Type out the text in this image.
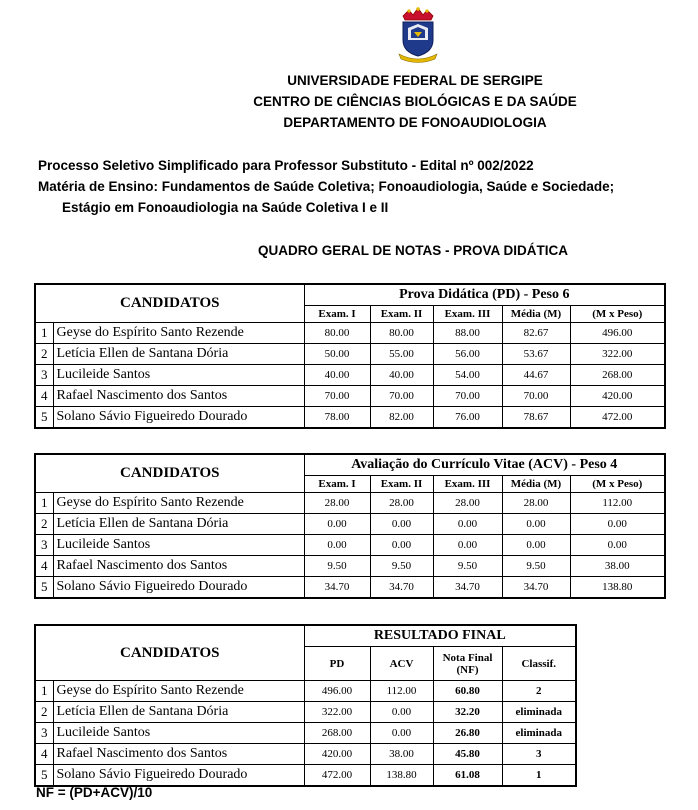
UNIVERSIDADE FEDERAL DE SERGIPE
CENTRO DE CIÊNCIAS BIOLÓGICAS E DA SAÚDE
DEPARTAMENTO DE FONOAUDIOLOGIA
Processo Seletivo Simplificado para Professor Substituto - Edital nº 002/2022
Matéria de Ensino: Fundamentos de Saúde Coletiva; Fonoaudiologia, Saúde e Sociedade;
Estágio em Fonoaudiologia na Saúde Coletiva I e II
QUADRO GERAL DE NOTAS - PROVA DIDÁTICA
CANDIDATOS		Prova Didática (PD) - Peso 6				
		Exam. I	Exam. II	Exam. III	Média (M)	(M x Peso)
1	Geyse do Espírito Santo Rezende	80.00	80.00	88.00	82.67	496.00
2	Letícia Ellen de Santana Dória	50.00	55.00	56.00	53.67	322.00
3	Lucileide Santos	40.00	40.00	54.00	44.67	268.00
4	Rafael Nascimento dos Santos	70.00	70.00	70.00	70.00	420.00
5	Solano Sávio Figueiredo Dourado	78.00	82.00	76.00	78.67	472.00
CANDIDATOS		Avaliação do Currículo Vitae (ACV) - Peso 4				
		Exam. I	Exam. II	Exam. III	Média (M)	(M x Peso)
1	Geyse do Espírito Santo Rezende	28.00	28.00	28.00	28.00	112.00
2	Letícia Ellen de Santana Dória	0.00	0.00	0.00	0.00	0.00
3	Lucileide Santos	0.00	0.00	0.00	0.00	0.00
4	Rafael Nascimento dos Santos	9.50	9.50	9.50	9.50	38.00
5	Solano Sávio Figueiredo Dourado	34.70	34.70	34.70	34.70	138.80
CANDIDATOS		RESULTADO FINAL			
		PD	ACV	Nota Final (NF)	Classif.
1	Geyse do Espírito Santo Rezende	496.00	112.00	60.80	2
2	Letícia Ellen de Santana Dória	322.00	0.00	32.20	eliminada
3	Lucileide Santos	268.00	0.00	26.80	eliminada
4	Rafael Nascimento dos Santos	420.00	38.00	45.80	3
5	Solano Sávio Figueiredo Dourado	472.00	138.80	61.08	1
NF = (PD+ACV)/10
